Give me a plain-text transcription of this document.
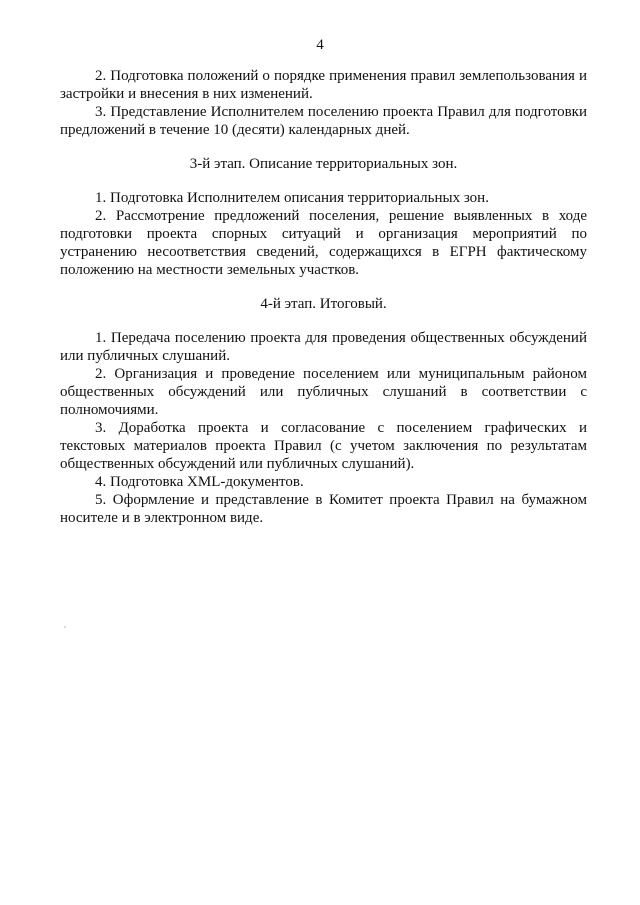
4

2. Подготовка положений о порядке применения правил землепользования и застройки и внесения в них изменений.

3. Представление Исполнителем поселению проекта Правил для подготовки предложений в течение 10 (десяти) календарных дней.

3-й этап. Описание территориальных зон.

1. Подготовка Исполнителем описания территориальных зон.

2. Рассмотрение предложений поселения, решение выявленных в ходе подготовки проекта спорных ситуаций и организация мероприятий по устранению несоответствия сведений, содержащихся в ЕГРН фактическому положению на местности земельных участков.

4-й этап. Итоговый.

1. Передача поселению проекта для проведения общественных обсуждений или публичных слушаний.

2. Организация и проведение поселением или муниципальным районом общественных обсуждений или публичных слушаний в соответствии с полномочиями.

3. Доработка проекта и согласование с поселением графических и текстовых материалов проекта Правил (с учетом заключения по результатам общественных обсуждений или публичных слушаний).

4. Подготовка XML-документов.

5. Оформление и представление в Комитет проекта Правил на бумажном носителе и в электронном виде.
